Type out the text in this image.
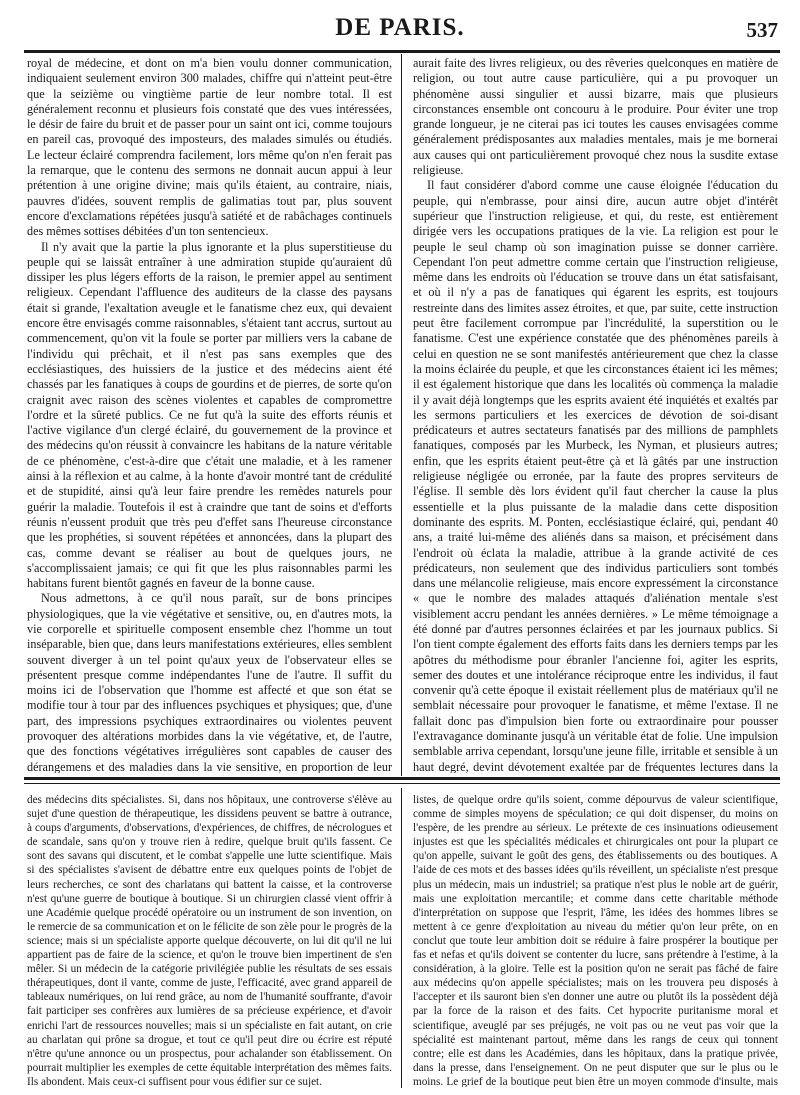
DE PARIS.	537

royal de médecine, et dont on m'a bien voulu donner communication, indiquaient seulement environ 300 malades, chiffre qui n'atteint peut-être que la seizième ou vingtième partie de leur nombre total. Il est généralement reconnu et plusieurs fois constaté que des vues intéressées, le désir de faire du bruit et de passer pour un saint ont ici, comme toujours en pareil cas, provoqué des imposteurs, des malades simulés ou étudiés. Le lecteur éclairé comprendra facilement, lors même qu'on n'en ferait pas la remarque, que le contenu des sermons ne donnait aucun appui à leur prétention à une origine divine; mais qu'ils étaient, au contraire, niais, pauvres d'idées, souvent remplis de galimatias tout par, plus souvent encore d'exclamations répétées jusqu'à satiété et de rabâchages continuels des mêmes sottises débitées d'un ton sentencieux.

Il n'y avait que la partie la plus ignorante et la plus superstitieuse du peuple qui se laissât entraîner à une admiration stupide qu'auraient dû dissiper les plus légers efforts de la raison, le premier appel au sentiment religieux. Cependant l'affluence des auditeurs de la classe des paysans était si grande, l'exaltation aveugle et le fanatisme chez eux, qui devaient encore être envisagés comme raisonnables, s'étaient tant accrus, surtout au commencement, qu'on vit la foule se porter par milliers vers la cabane de l'individu qui prêchait, et il n'est pas sans exemples que des ecclésiastiques, des huissiers de la justice et des médecins aient été chassés par les fanatiques à coups de gourdins et de pierres, de sorte qu'on craignit avec raison des scènes violentes et capables de compromettre l'ordre et la sûreté publics. Ce ne fut qu'à la suite des efforts réunis et l'active vigilance d'un clergé éclairé, du gouvernement de la province et des médecins qu'on réussit à convaincre les habitans de la nature véritable de ce phénomène, c'est-à-dire que c'était une maladie, et à les ramener ainsi à la réflexion et au calme, à la honte d'avoir montré tant de crédulité et de stupidité, ainsi qu'à leur faire prendre les remèdes naturels pour guérir la maladie. Toutefois il est à craindre que tant de soins et d'efforts réunis n'eussent produit que très peu d'effet sans l'heureuse circonstance que les prophéties, si souvent répétées et annoncées, dans la plupart des cas, comme devant se réaliser au bout de quelques jours, ne s'accomplissaient jamais; ce qui fit que les plus raisonnables parmi les habitans furent bientôt gagnés en faveur de la bonne cause.

Nous admettons, à ce qu'il nous paraît, sur de bons principes physiologiques, que la vie végétative et sensitive, ou, en d'autres mots, la vie corporelle et spirituelle composent ensemble chez l'homme un tout inséparable, bien que, dans leurs manifestations extérieures, elles semblent souvent diverger à un tel point qu'aux yeux de l'observateur elles se présentent presque comme indépendantes l'une de l'autre. Il suffit du moins ici de l'observation que l'homme est affecté et que son état se modifie tour à tour par des influences psychiques et physiques; que, d'une part, des impressions psychiques extraordinaires ou violentes peuvent provoquer des altérations morbides dans la vie végétative, et, de l'autre, que des fonctions végétatives irrégulières sont capables de causer des dérangemens et des maladies dans la vie sensitive, en proportion de leur

aurait faite des livres religieux, ou des rêveries quelconques en matière de religion, ou tout autre cause particulière, qui a pu provoquer un phénomène aussi singulier et aussi bizarre, mais que plusieurs circonstances ensemble ont concouru à le produire. Pour éviter une trop grande longueur, je ne citerai pas ici toutes les causes envisagées comme généralement prédisposantes aux maladies mentales, mais je me bornerai aux causes qui ont particulièrement provoqué chez nous la susdite extase religieuse.

Il faut considérer d'abord comme une cause éloignée l'éducation du peuple, qui n'embrasse, pour ainsi dire, aucun autre objet d'intérêt supérieur que l'instruction religieuse, et qui, du reste, est entièrement dirigée vers les occupations pratiques de la vie. La religion est pour le peuple le seul champ où son imagination puisse se donner carrière. Cependant l'on peut admettre comme certain que l'instruction religieuse, même dans les endroits où l'éducation se trouve dans un état satisfaisant, et où il n'y a pas de fanatiques qui égarent les esprits, est toujours restreinte dans des limites assez étroites, et que, par suite, cette instruction peut être facilement corrompue par l'incrédulité, la superstition ou le fanatisme. C'est une expérience constatée que des phénomènes pareils à celui en question ne se sont manifestés antérieurement que chez la classe la moins éclairée du peuple, et que les circonstances étaient ici les mêmes; il est également historique que dans les localités où commença la maladie il y avait déjà longtemps que les esprits avaient été inquiétés et exaltés par les sermons particuliers et les exercices de dévotion de soi-disant prédicateurs et autres sectateurs fanatisés par des millions de pamphlets fanatiques, composés par les Murbeck, les Nyman, et plusieurs autres; enfin, que les esprits étaient peut-être çà et là gâtés par une instruction religieuse négligée ou erronée, par la faute des propres serviteurs de l'église. Il semble dès lors évident qu'il faut chercher la cause la plus essentielle et la plus puissante de la maladie dans cette disposition dominante des esprits. M. Ponten, ecclésiastique éclairé, qui, pendant 40 ans, a traité lui-même des aliénés dans sa maison, et précisément dans l'endroit où éclata la maladie, attribue à la grande activité de ces prédicateurs, non seulement que des individus particuliers sont tombés dans une mélancolie religieuse, mais encore expressément la circonstance « que le nombre des malades attaqués d'aliénation mentale s'est visiblement accru pendant les années dernières. » Le même témoignage a été donné par d'autres personnes éclairées et par les journaux publics. Si l'on tient compte également des efforts faits dans les derniers temps par les apôtres du méthodisme pour ébranler l'ancienne foi, agiter les esprits, semer des doutes et une intolérance réciproque entre les individus, il faut convenir qu'à cette époque il existait réellement plus de matériaux qu'il ne semblait nécessaire pour provoquer le fanatisme, et même l'extase. Il ne fallait donc pas d'impulsion bien forte ou extraordinaire pour pousser l'extravagance dominante jusqu'à un véritable état de folie. Une impulsion semblable arriva cependant, lorsqu'une jeune fille, irritable et sensible à un haut degré, devint dévotement exaltée par de fréquentes lectures dans la

des médecins dits spécialistes. Si, dans nos hôpitaux, une controverse s'élève au sujet d'une question de thérapeutique, les dissidens peuvent se battre à outrance, à coups d'arguments, d'observations, d'expériences, de chiffres, de nécrologues et de scandale, sans qu'on y trouve rien à redire, quelque bruit qu'ils fassent. Ce sont des savans qui discutent, et le combat s'appelle une lutte scientifique. Mais si des spécialistes s'avisent de débattre entre eux quelques points de l'objet de leurs recherches, ce sont des charlatans qui battent la caisse, et la controverse n'est qu'une guerre de boutique à boutique. Si un chirurgien classé vient offrir à une Académie quelque procédé opératoire ou un instrument de son invention, on le remercie de sa communication et on le félicite de son zèle pour le progrès de la science; mais si un spécialiste apporte quelque découverte, on lui dit qu'il ne lui appartient pas de faire de la science, et qu'on le trouve bien impertinent de s'en mêler. Si un médecin de la catégorie privilégiée publie les résultats de ses essais thérapeutiques, dont il vante, comme de juste, l'efficacité, avec grand appareil de tableaux numériques, on lui rend grâce, au nom de l'humanité souffrante, d'avoir fait participer ses confrères aux lumières de sa précieuse expérience, et d'avoir enrichi l'art de ressources nouvelles; mais si un spécialiste en fait autant, on crie au charlatan qui prône sa drogue, et tout ce qu'il peut dire ou écrire est réputé n'être qu'une annonce ou un prospectus, pour achalander son établissement. On pourrait multiplier les exemples de cette équitable interprétation des mêmes faits. Ils abondent. Mais ceux-ci suffisent pour vous édifier sur ce sujet.

listes, de quelque ordre qu'ils soient, comme dépourvus de valeur scientifique, comme de simples moyens de spéculation; ce qui doit dispenser, du moins on l'espère, de les prendre au sérieux. Le prétexte de ces insinuations odieusement injustes est que les spécialités médicales et chirurgicales ont pour la plupart ce qu'on appelle, suivant le goût des gens, des établissements ou des boutiques. A l'aide de ces mots et des basses idées qu'ils réveillent, un spécialiste n'est presque plus un médecin, mais un industriel; sa pratique n'est plus le noble art de guérir, mais une exploitation mercantile; et comme dans cette charitable méthode d'interprétation on suppose que l'esprit, l'âme, les idées des hommes libres se mettent à ce genre d'exploitation au niveau du métier qu'on leur prête, on en conclut que toute leur ambition doit se réduire à faire prospérer la boutique per fas et nefas et qu'ils doivent se contenter du lucre, sans prétendre à l'estime, à la considération, à la gloire. Telle est la position qu'on ne serait pas fâché de faire aux médecins qu'on appelle spécialistes; mais on les trouvera peu disposés à l'accepter et ils sauront bien s'en donner une autre ou plutôt ils la possèdent déjà par la force de la raison et des faits. Cet hypocrite puritanisme moral et scientifique, aveuglé par ses préjugés, ne voit pas ou ne veut pas voir que la spécialité est maintenant partout, même dans les rangs de ceux qui tonnent contre; elle est dans les Académies, dans les hôpitaux, dans la pratique privée, dans la presse, dans l'enseignement. On ne peut disputer que sur le plus ou le moins. Le grief de la boutique peut bien être un moyen commode d'insulte, mais
